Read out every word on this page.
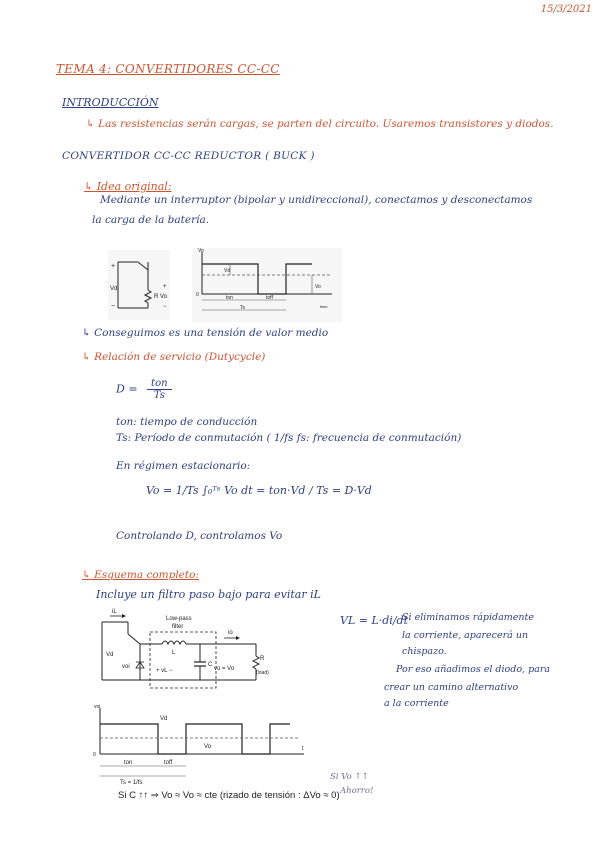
15/3/2021
TEMA 4: CONVERTIDORES CC-CC
INTRODUCCIÓN
↳ Las resistencias serán cargas, se parten del circuito. Usaremos transistores y diodos.
CONVERTIDOR CC-CC REDUCTOR ( BUCK )
↳ Idea original:
Mediante un interruptor (bipolar y unidireccional), conectamos y desconectamos
la carga de la batería.
+
−
Vd
R Vo
+
−
Vo
Vd
Vo
0	ton	toff
Ts	time
↳ Conseguimos es una tensión de valor medio
↳ Relación de servicio (Dutycycle)
$D = \frac{\text{ton}}{Ts}$
ton: tiempo de conducción
Ts: Período de conmutación ( 1/fs fs: frecuencia de conmutación)
En régimen estacionario:
Vo = 1/Ts ∫₀ᵀˢ Vo dt = ton·Vd / Ts = D·Vd
Controlando D, controlamos Vo
↳ Esquema completo:
Incluye un filtro paso bajo para evitar iL
iL
Vd
voi
Low-pass
filter
L
+ vL −
C
vo = Vo
io
R
(load)
VL = L·di/dt
Si eliminamos rápidamente
la corriente, aparecerá un
chispazo.
Por eso añadimos el diodo, para
crear un camino alternativo
a la corriente
voi
Vd
Vo
0
ton	toff
Ts = 1/fs
t
Si Vo ↑↑
Ahorro!
Si C ↑↑ ⇒ Vo ≈ Vo ≈ cte (rizado de tensión : ΔVo ≈ 0)
